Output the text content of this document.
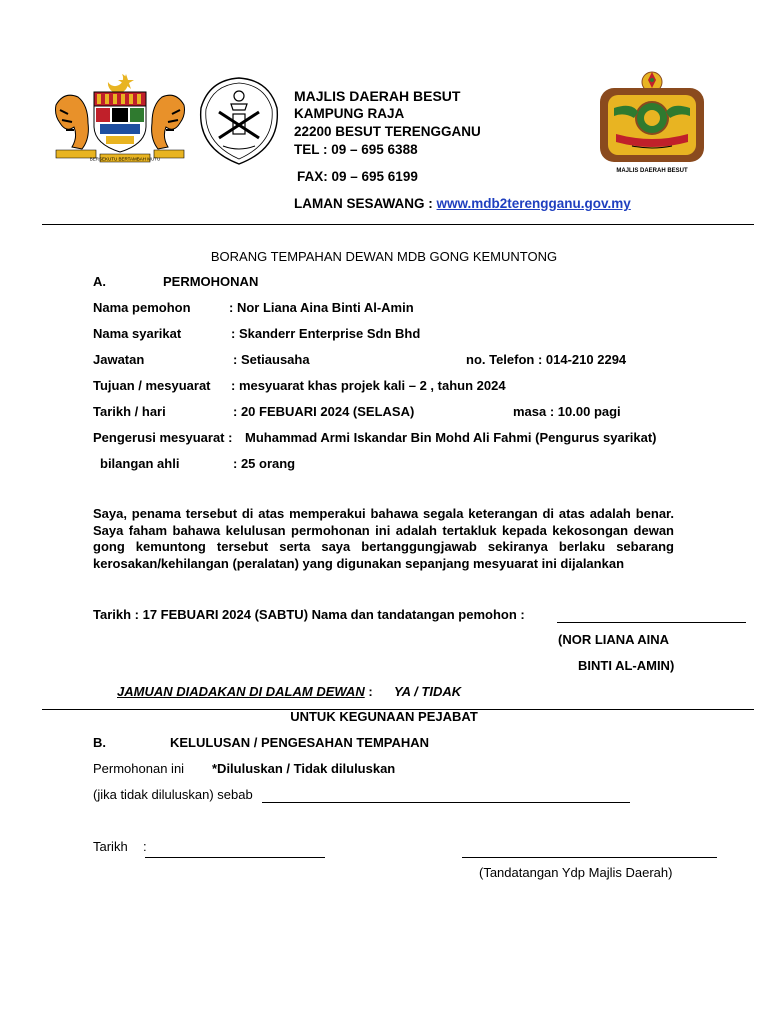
BERSEKUTU BERTAMBAH MUTU
MAJLIS DAERAH BESUT
MAJLIS DAERAH BESUT
KAMPUNG RAJA
22200 BESUT TERENGGANU
TEL : 09 – 695 6388
FAX: 09 – 695 6199
LAMAN SESAWANG : www.mdb2terengganu.gov.my
BORANG TEMPAHAN DEWAN MDB GONG KEMUNTONG
A.	PERMOHONAN
Nama pemohon	: Nor Liana Aina Binti Al-Amin
Nama syarikat	: Skanderr Enterprise Sdn Bhd
Jawatan	: Setiausaha	no. Telefon : 014-210 2294
Tujuan / mesyuarat : mesyuarat khas projek kali – 2 , tahun 2024
Tarikh / hari	: 20 FEBUARI 2024 (SELASA)	masa : 10.00 pagi
Pengerusi mesyuarat : Muhammad Armi Iskandar Bin Mohd Ali Fahmi (Pengurus syarikat)
bilangan ahli	: 25 orang
Saya, penama tersebut di atas memperakui bahawa segala keterangan di atas adalah benar. Saya faham bahawa kelulusan permohonan ini adalah tertakluk kepada kekosongan dewan gong kemuntong tersebut serta saya bertanggungjawab sekiranya berlaku sebarang kerosakan/kehilangan (peralatan) yang digunakan sepanjang mesyuarat ini dijalankan
Tarikh : 17 FEBUARI 2024 (SABTU) Nama dan tandatangan pemohon :
(NOR LIANA AINA
BINTI AL-AMIN)
JAMUAN DIADAKAN DI DALAM DEWAN : YA / TIDAK
UNTUK KEGUNAAN PEJABAT
B.	KELULUSAN / PENGESAHAN TEMPAHAN
Permohonan ini *Diluluskan / Tidak diluluskan
(jika tidak diluluskan) sebab
Tarikh :
(Tandatangan Ydp Majlis Daerah)
